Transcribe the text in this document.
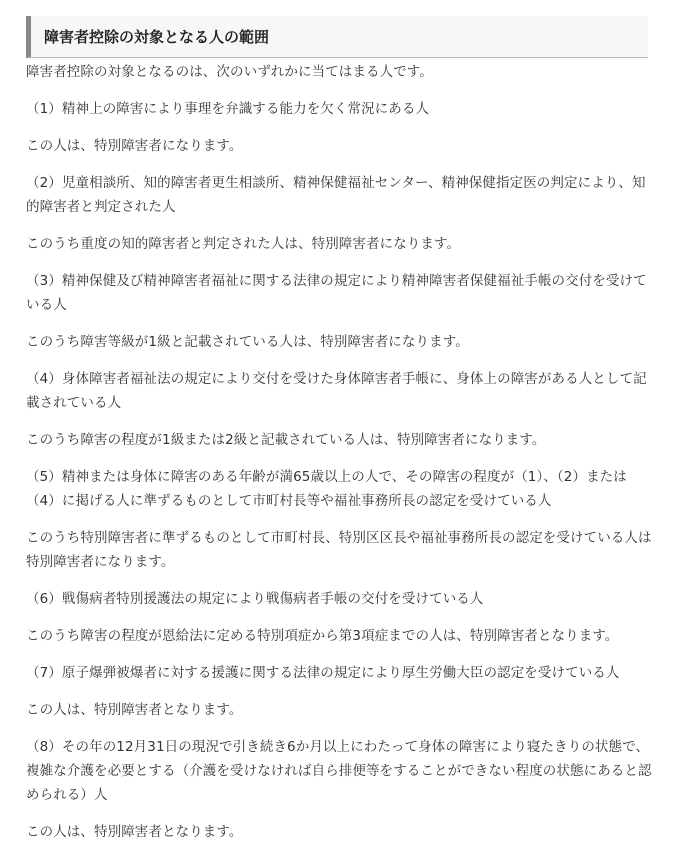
障害者控除の対象となる人の範囲

障害者控除の対象となるのは、次のいずれかに当てはまる人です。

（1）精神上の障害により事理を弁識する能力を欠く常況にある人

この人は、特別障害者になります。

（2）児童相談所、知的障害者更生相談所、精神保健福祉センター、精神保健指定医の判定により、知的障害者と判定された人

このうち重度の知的障害者と判定された人は、特別障害者になります。

（3）精神保健及び精神障害者福祉に関する法律の規定により精神障害者保健福祉手帳の交付を受けている人

このうち障害等級が1級と記載されている人は、特別障害者になります。

（4）身体障害者福祉法の規定により交付を受けた身体障害者手帳に、身体上の障害がある人として記載されている人

このうち障害の程度が1級または2級と記載されている人は、特別障害者になります。

（5）精神または身体に障害のある年齢が満65歳以上の人で、その障害の程度が（1）、（2）または（4）に掲げる人に準ずるものとして市町村長等や福祉事務所長の認定を受けている人

このうち特別障害者に準ずるものとして市町村長、特別区区長や福祉事務所長の認定を受けている人は特別障害者になります。

（6）戦傷病者特別援護法の規定により戦傷病者手帳の交付を受けている人

このうち障害の程度が恩給法に定める特別項症から第3項症までの人は、特別障害者となります。

（7）原子爆弾被爆者に対する援護に関する法律の規定により厚生労働大臣の認定を受けている人

この人は、特別障害者となります。

（8）その年の12月31日の現況で引き続き6か月以上にわたって身体の障害により寝たきりの状態で、複雑な介護を必要とする（介護を受けなければ自ら排便等をすることができない程度の状態にあると認められる）人

この人は、特別障害者となります。
